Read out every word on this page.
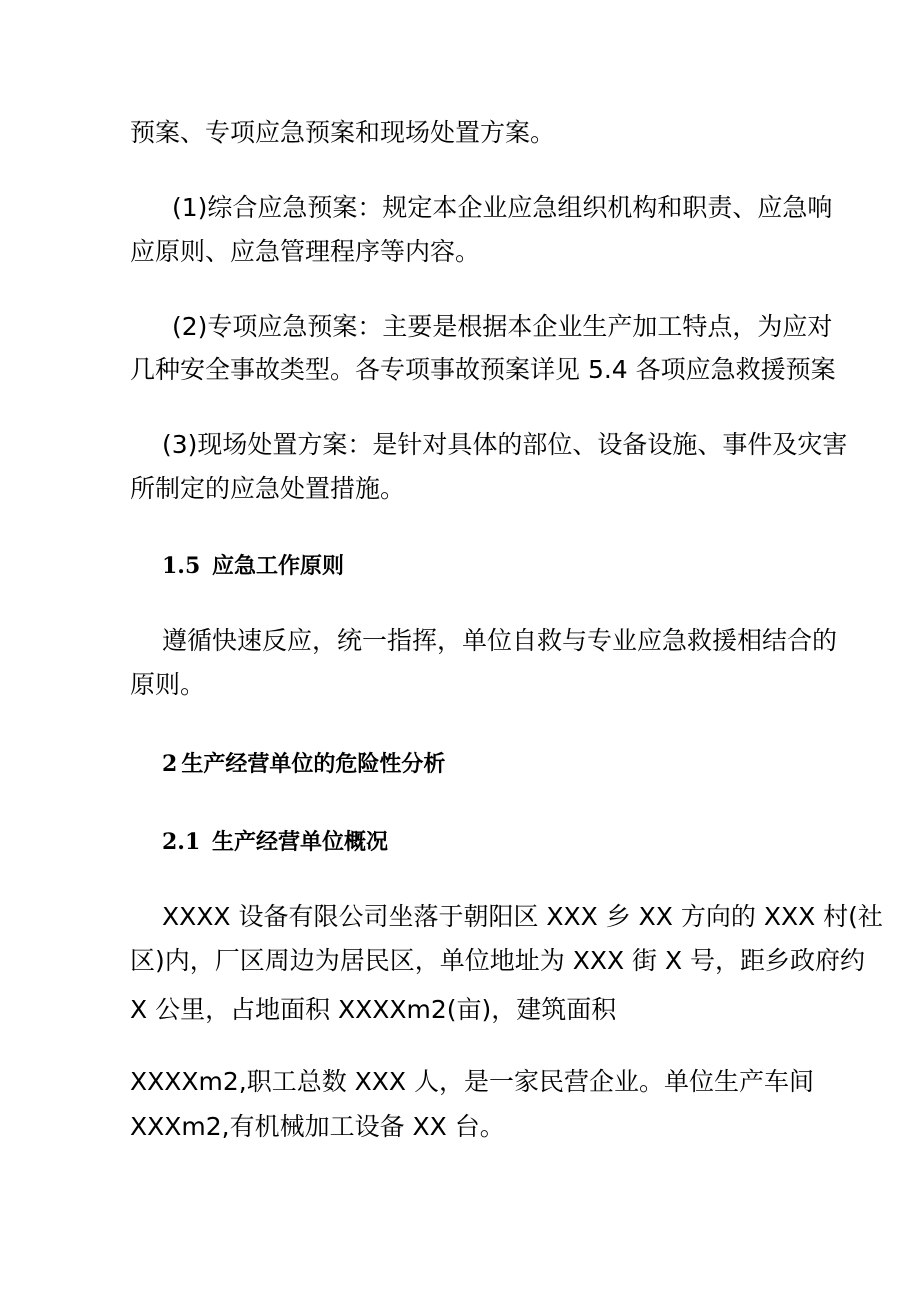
预案、专项应急预案和现场处置方案。
(1)综合应急预案：规定本企业应急组织机构和职责、应急响
应原则、应急管理程序等内容。
(2)专项应急预案：主要是根据本企业生产加工特点，为应对
几种安全事故类型。各专项事故预案详见 5.4 各项应急救援预案
(3)现场处置方案：是针对具体的部位、设备设施、事件及灾害
所制定的应急处置措施。
1.5 应急工作原则
遵循快速反应，统一指挥，单位自救与专业应急救援相结合的
原则。
2 生产经营单位的危险性分析
2.1 生产经营单位概况
XXXX 设备有限公司坐落于朝阳区 XXX 乡 XX 方向的 XXX 村(社
区)内，厂区周边为居民区，单位地址为 XXX 街 X 号，距乡政府约
X 公里，占地面积 XXXXm2(亩)，建筑面积
XXXXm2,职工总数 XXX 人，是一家民营企业。单位生产车间
XXXm2,有机械加工设备 XX 台。
